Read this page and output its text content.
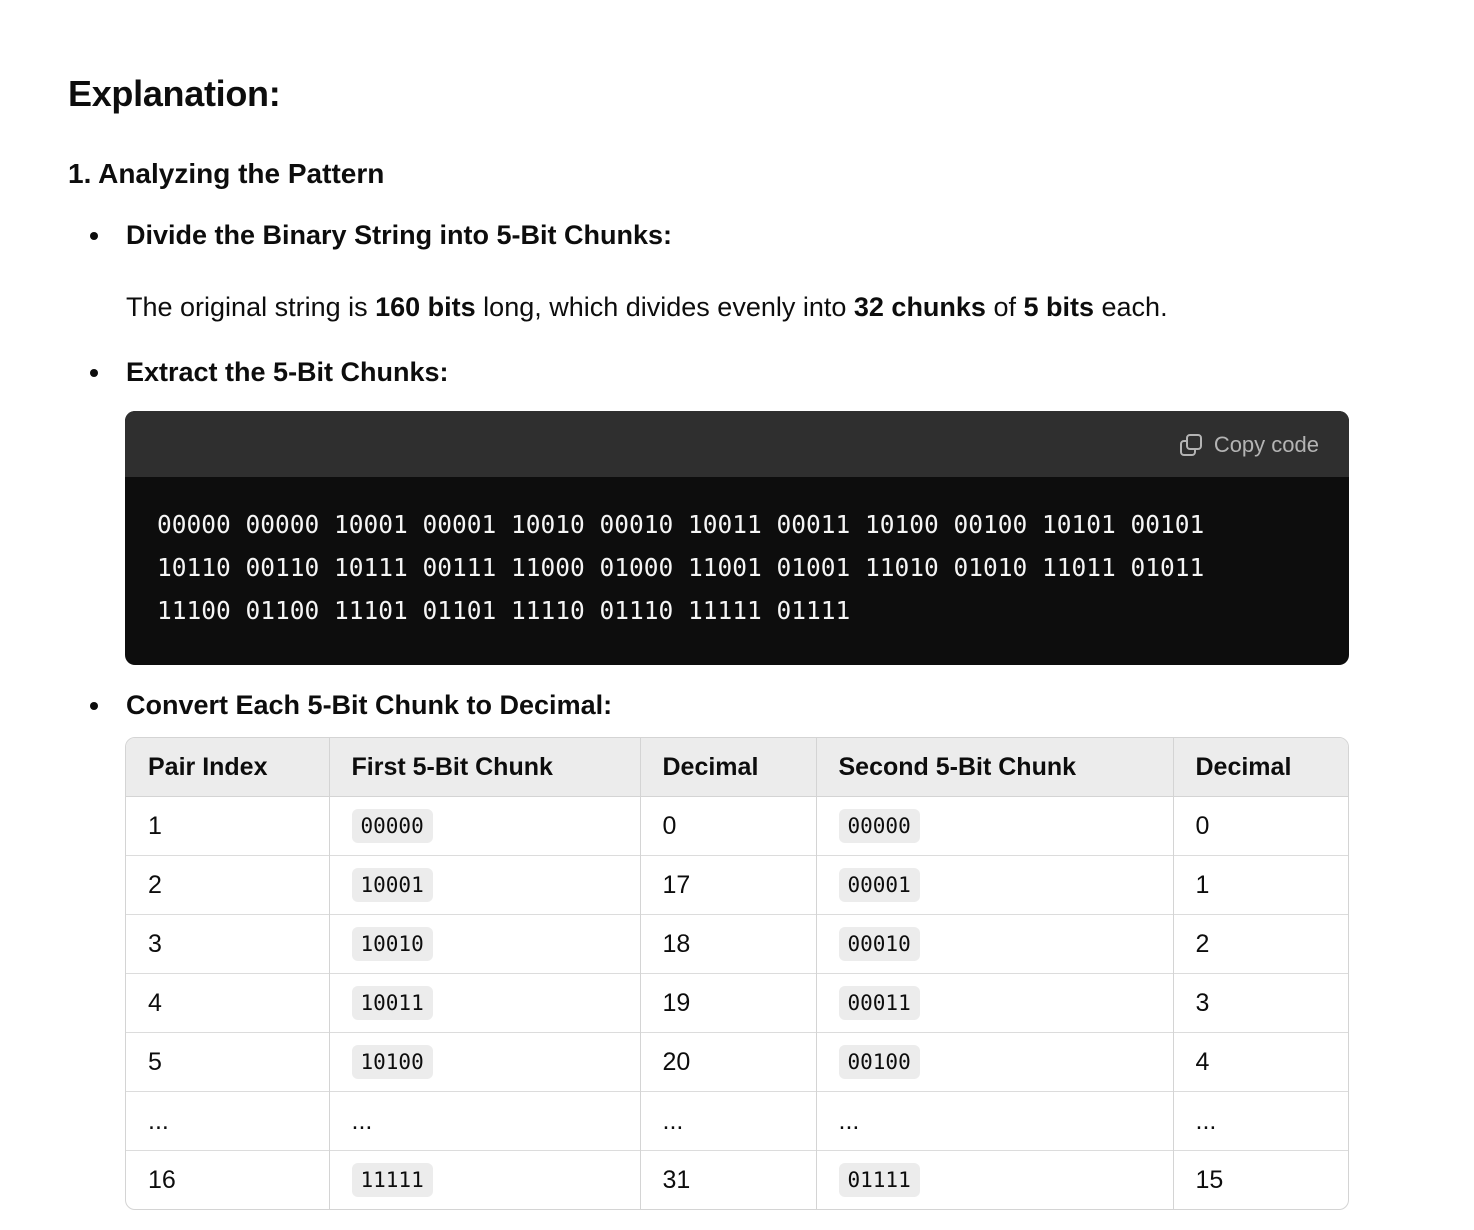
Explanation:
1. Analyzing the Pattern

Divide the Binary String into 5-Bit Chunks:

The original string is 160 bits long, which divides evenly into 32 chunks of 5 bits each.

Extract the 5-Bit Chunks:

Copy code
00000 00000 10001 00001 10010 00010 10011 00011 10100 00100 10101 00101
10110 00110 10111 00111 11000 01000 11001 01001 11010 01010 11011 01011
11100 01100 11101 01101 11110 01110 11111 01111

Convert Each 5-Bit Chunk to Decimal:

Pair Index	First 5-Bit Chunk	Decimal	Second 5-Bit Chunk	Decimal
1	00000	0	00000	0
2	10001	17	00001	1
3	10010	18	00010	2
4	10011	19	00011	3
5	10100	20	00100	4
...	...	...	...	...
16	11111	31	01111	15
